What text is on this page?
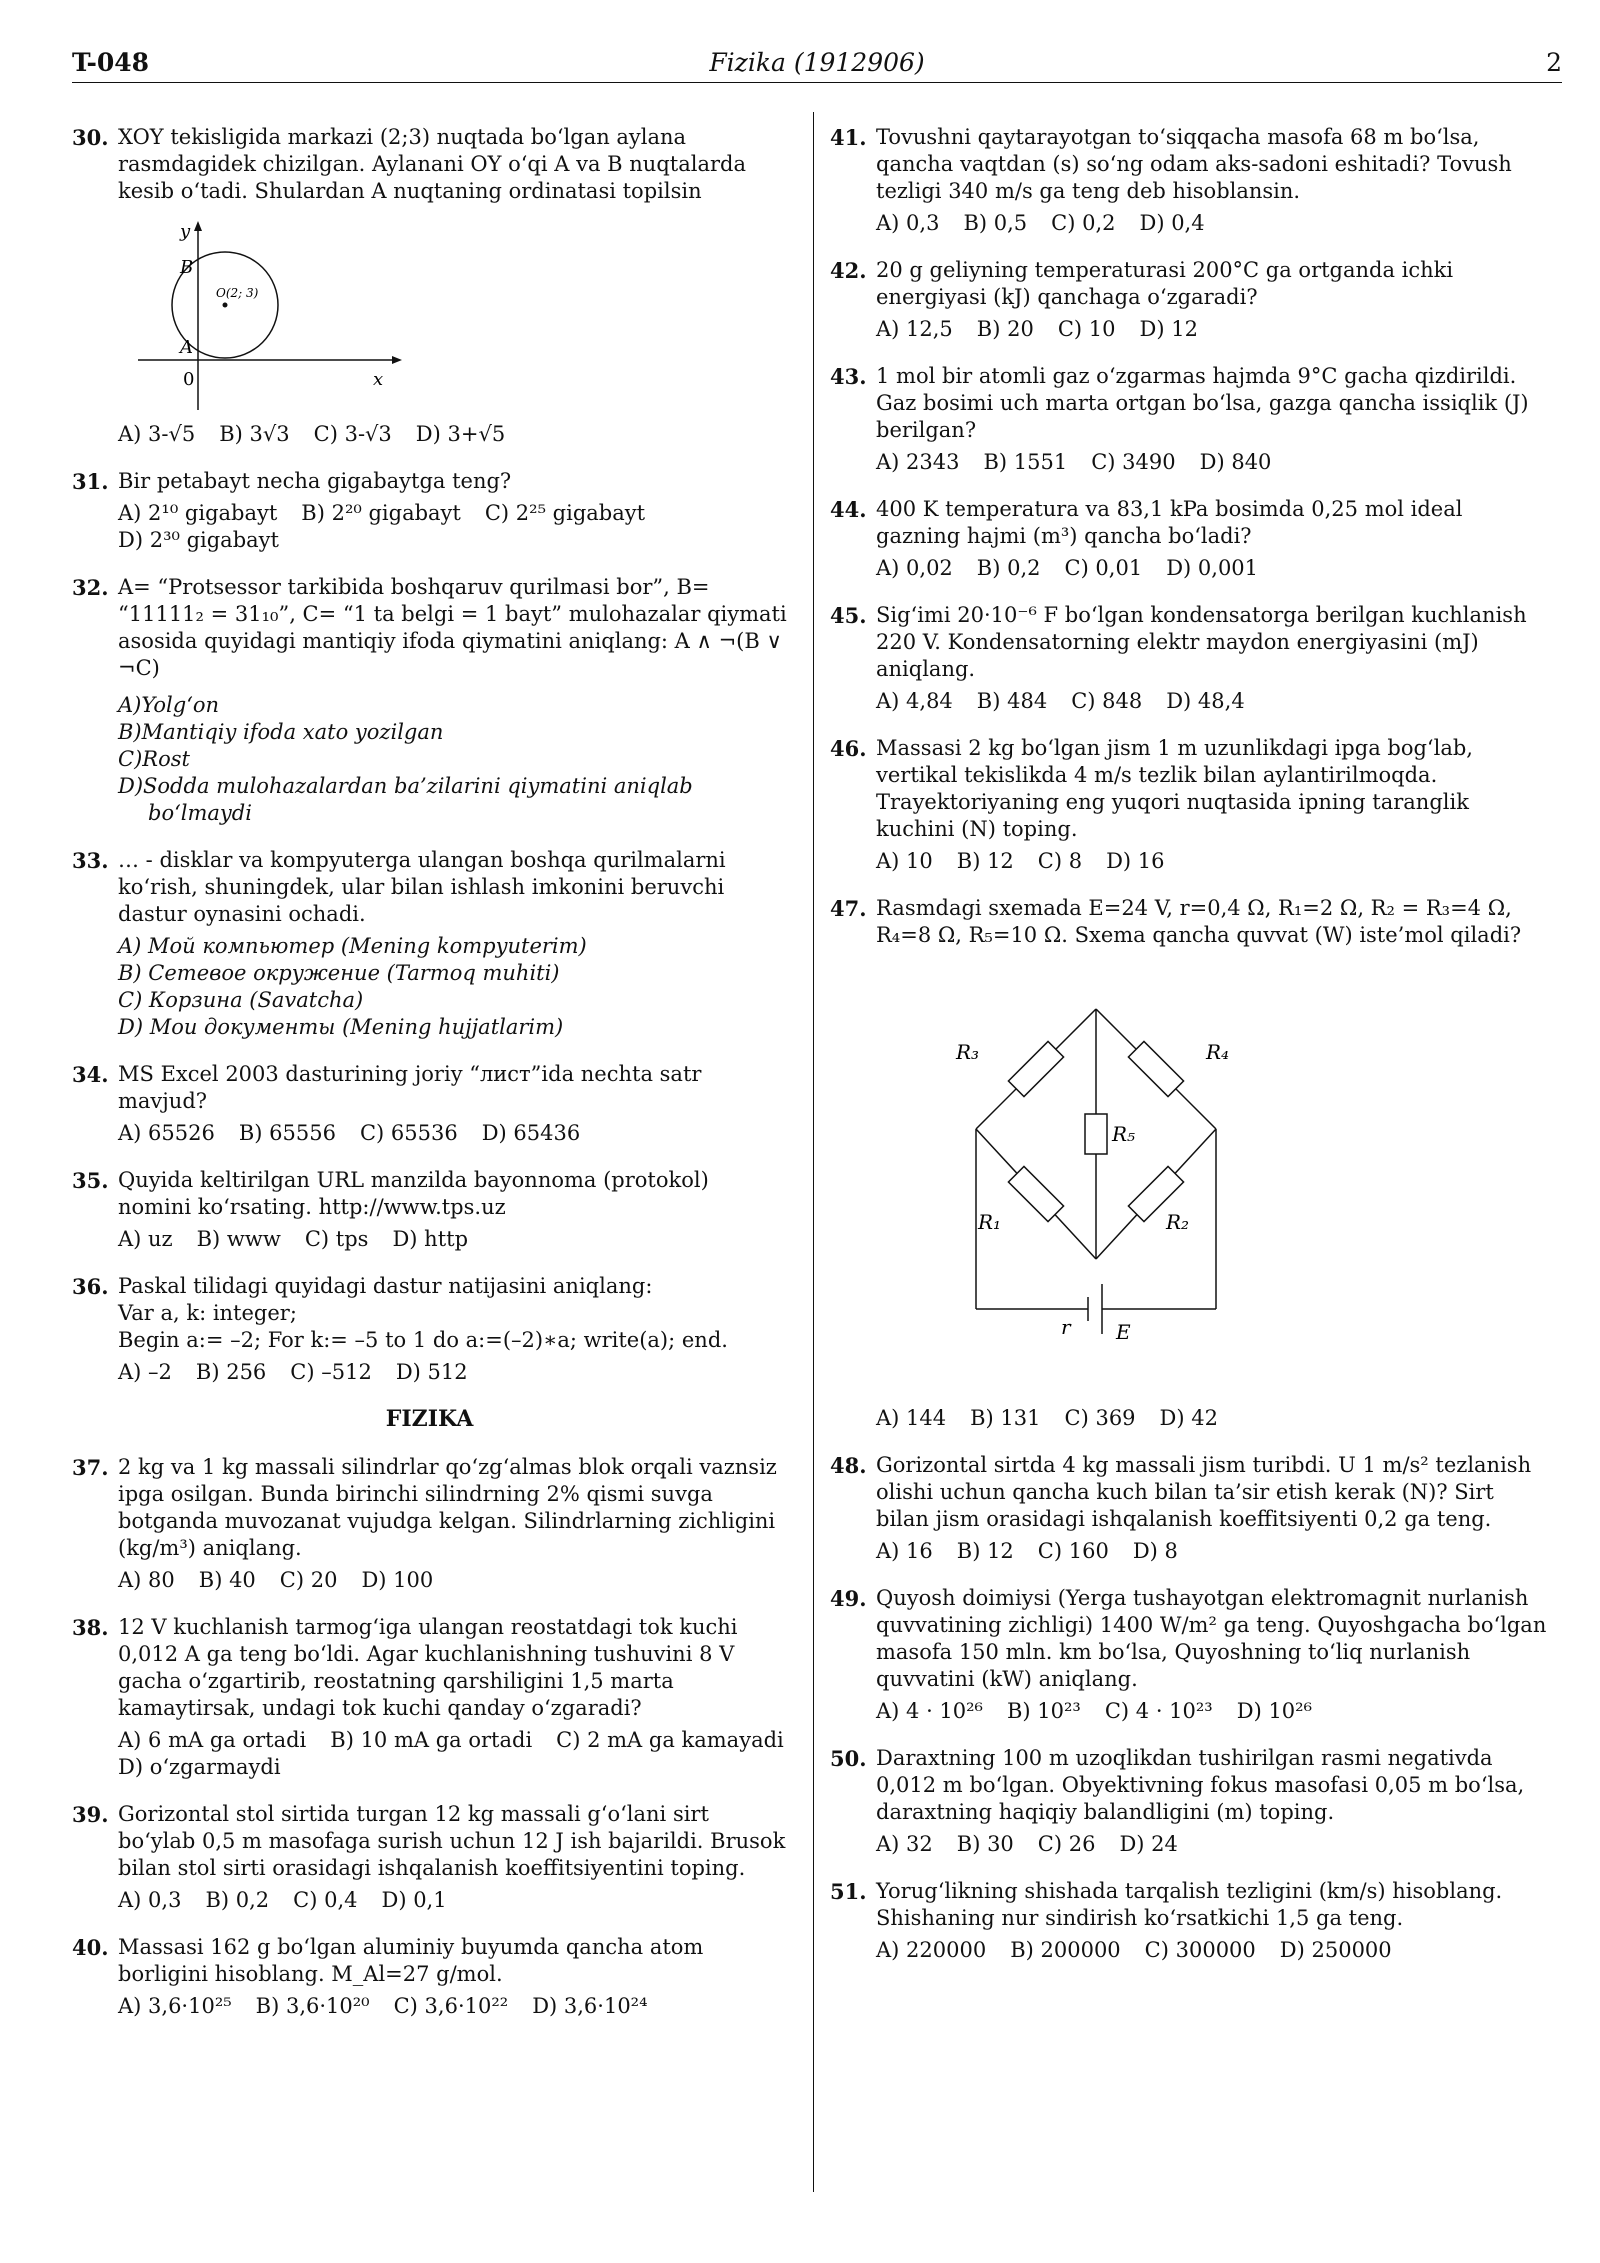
T-048	Fizika (1912906)	2
30. XOY tekisligida markazi (2;3) nuqtada bo‘lgan aylana rasmdagidek chizilgan. Aylanani OY o‘qi A va B nuqtalarda kesib o‘tadi. Shulardan A nuqtaning ordinatasi topilsin
O(2; 3)
y
x
0
A
B
A) 3-√5 B) 3√3 C) 3-√3 D) 3+√5
31. Bir petabayt necha gigabaytga teng?
A) 2¹⁰ gigabayt B) 2²⁰ gigabayt C) 2²⁵ gigabayt
D) 2³⁰ gigabayt
32. A= “Protsessor tarkibida boshqaruv qurilmasi bor”, B= “11111₂ = 31₁₀”, C= “1 ta belgi = 1 bayt” mulohazalar qiymati asosida quyidagi mantiqiy ifoda qiymatini aniqlang: A ∧ ¬(B ∨ ¬C)
A)Yolg‘on
B)Mantiqiy ifoda xato yozilgan
C)Rost
D)Sodda mulohazalardan ba’zilarini qiymatini aniqlab bo‘lmaydi
33. … - disklar va kompyuterga ulangan boshqa qurilmalarni ko‘rish, shuningdek, ular bilan ishlash imkonini beruvchi dastur oynasini ochadi.
A) Мой компьютер (Mening kompyuterim)
B) Сетевое окружение (Tarmoq muhiti)
C) Корзина (Savatcha)
D) Мои документы (Mening hujjatlarim)
34. MS Excel 2003 dasturining joriy “лист”ida nechta satr mavjud?
A) 65526 B) 65556 C) 65536 D) 65436
35. Quyida keltirilgan URL manzilda bayonnoma (protokol) nomini ko‘rsating. http://www.tps.uz
A) uz B) www C) tps D) http
36. Paskal tilidagi quyidagi dastur natijasini aniqlang:
Var a, k: integer;
Begin a:= –2; For k:= –5 to 1 do a:=(–2)∗a; write(a); end.
A) –2 B) 256 C) –512 D) 512
FIZIKA
37. 2 kg va 1 kg massali silindrlar qo‘zg‘almas blok orqali vaznsiz ipga osilgan. Bunda birinchi silindrning 2% qismi suvga botganda muvozanat vujudga kelgan. Silindrlarning zichligini (kg/m³) aniqlang.
A) 80 B) 40 C) 20 D) 100
38. 12 V kuchlanish tarmog‘iga ulangan reostatdagi tok kuchi 0,012 A ga teng bo‘ldi. Agar kuchlanishning tushuvini 8 V gacha o‘zgartirib, reostatning qarshiligini 1,5 marta kamaytirsak, undagi tok kuchi qanday o‘zgaradi?
A) 6 mA ga ortadi B) 10 mA ga ortadi C) 2 mA ga kamayadi
D) o‘zgarmaydi
39. Gorizontal stol sirtida turgan 12 kg massali g‘o‘lani sirt bo‘ylab 0,5 m masofaga surish uchun 12 J ish bajarildi. Brusok bilan stol sirti orasidagi ishqalanish koeffitsiyentini toping.
A) 0,3 B) 0,2 C) 0,4 D) 0,1
40. Massasi 162 g bo‘lgan aluminiy buyumda qancha atom borligini hisoblang. M_Al=27 g/mol.
A) 3,6·10²⁵ B) 3,6·10²⁰ C) 3,6·10²² D) 3,6·10²⁴
41. Tovushni qaytarayotgan to‘siqqacha masofa 68 m bo‘lsa, qancha vaqtdan (s) so‘ng odam aks-sadoni eshitadi? Tovush tezligi 340 m/s ga teng deb hisoblansin.
A) 0,3 B) 0,5 C) 0,2 D) 0,4
42. 20 g geliyning temperaturasi 200°C ga ortganda ichki energiyasi (kJ) qanchaga o‘zgaradi?
A) 12,5 B) 20 C) 10 D) 12
43. 1 mol bir atomli gaz o‘zgarmas hajmda 9°C gacha qizdirildi. Gaz bosimi uch marta ortgan bo‘lsa, gazga qancha issiqlik (J) berilgan?
A) 2343 B) 1551 C) 3490 D) 840
44. 400 K temperatura va 83,1 kPa bosimda 0,25 mol ideal gazning hajmi (m³) qancha bo‘ladi?
A) 0,02 B) 0,2 C) 0,01 D) 0,001
45. Sig‘imi 20·10⁻⁶ F bo‘lgan kondensatorga berilgan kuchlanish 220 V. Kondensatorning elektr maydon energiyasini (mJ) aniqlang.
A) 4,84 B) 484 C) 848 D) 48,4
46. Massasi 2 kg bo‘lgan jism 1 m uzunlikdagi ipga bog‘lab, vertikal tekislikda 4 m/s tezlik bilan aylantirilmoqda. Trayektoriyaning eng yuqori nuqtasida ipning taranglik kuchini (N) toping.
A) 10 B) 12 C) 8 D) 16
47. Rasmdagi sxemada E=24 V, r=0,4 Ω, R₁=2 Ω, R₂ = R₃=4 Ω, R₄=8 Ω, R₅=10 Ω. Sxema qancha quvvat (W) iste’mol qiladi?
R₃	R₄
R₅
R₁	R₂
r E
A) 144 B) 131 C) 369 D) 42
48. Gorizontal sirtda 4 kg massali jism turibdi. U 1 m/s² tezlanish olishi uchun qancha kuch bilan ta’sir etish kerak (N)? Sirt bilan jism orasidagi ishqalanish koeffitsiyenti 0,2 ga teng.
A) 16 B) 12 C) 160 D) 8
49. Quyosh doimiysi (Yerga tushayotgan elektromagnit nurlanish quvvatining zichligi) 1400 W/m² ga teng. Quyoshgacha bo‘lgan masofa 150 mln. km bo‘lsa, Quyoshning to‘liq nurlanish quvvatini (kW) aniqlang.
A) 4 · 10²⁶ B) 10²³ C) 4 · 10²³ D) 10²⁶
50. Daraxtning 100 m uzoqlikdan tushirilgan rasmi negativda 0,012 m bo‘lgan. Obyektivning fokus masofasi 0,05 m bo‘lsa, daraxtning haqiqiy balandligini (m) toping.
A) 32 B) 30 C) 26 D) 24
51. Yorug‘likning shishada tarqalish tezligini (km/s) hisoblang. Shishaning nur sindirish ko‘rsatkichi 1,5 ga teng.
A) 220000 B) 200000 C) 300000 D) 250000
